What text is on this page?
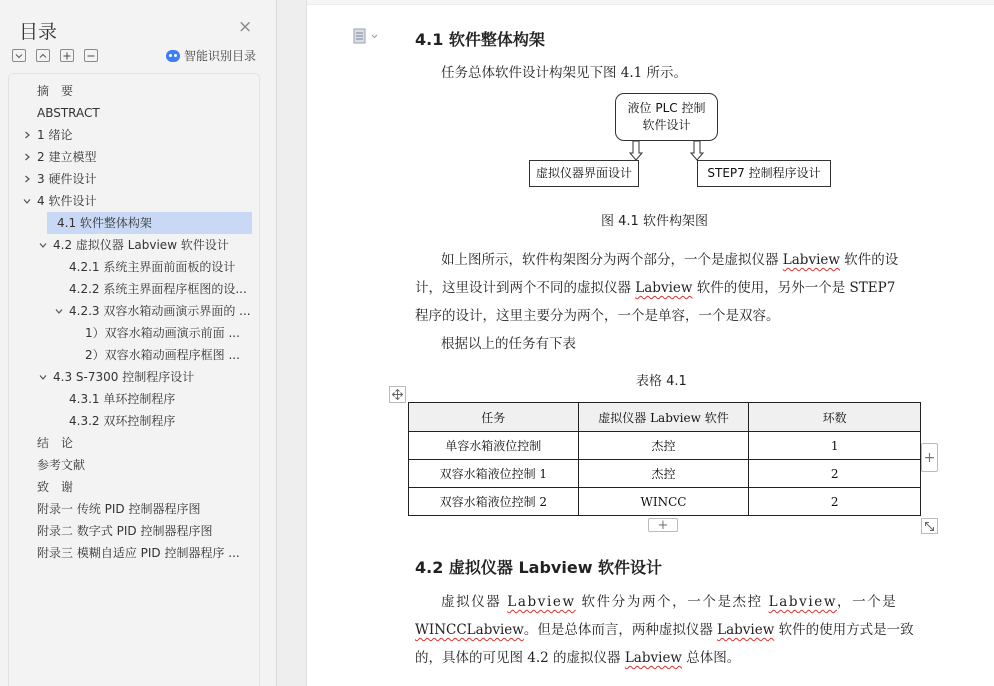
目录	×
智能识别目录
摘　要
ABSTRACT
1 绪论
2 建立模型
3 硬件设计
4 软件设计
4.1 软件整体构架
4.2 虚拟仪器 Labview 软件设计
4.2.1 系统主界面前面板的设计
4.2.2 系统主界面程序框图的设...
4.2.3 双容水箱动画演示界面的 ...
1）双容水箱动画演示前面 ...
2）双容水箱动画程序框图 ...
4.3 S-7300 控制程序设计
4.3.1 单环控制程序
4.3.2 双环控制程序
结　论
参考文献
致　谢
附录一 传统 PID 控制器程序图
附录二 数字式 PID 控制器程序图
附录三 模糊自适应 PID 控制器程序 ...
4.1 软件整体构架
任务总体软件设计构架见下图 4.1 所示。
液位 PLC 控制
软件设计
虚拟仪器界面设计	STEP7 控制程序设计
图 4.1 软件构架图
如上图所示，软件构架图分为两个部分，一个是虚拟仪器 Labview 软件的设
计，这里设计到两个不同的虚拟仪器 Labview 软件的使用，另外一个是 STEP7
程序的设计，这里主要分为两个，一个是单容，一个是双容。
根据以上的任务有下表
表格 4.1
任务	虚拟仪器 Labview 软件	环数
单容水箱液位控制	杰控	1
双容水箱液位控制 1	杰控	2
双容水箱液位控制 2	WINCC	2
+
+
4.2 虚拟仪器 Labview 软件设计
虚拟仪器 Labview 软件分为两个，一个是杰控 Labview，一个是
WINCCLabview。但是总体而言，两种虚拟仪器 Labview 软件的使用方式是一致
的，具体的可见图 4.2 的虚拟仪器 Labview 总体图。
